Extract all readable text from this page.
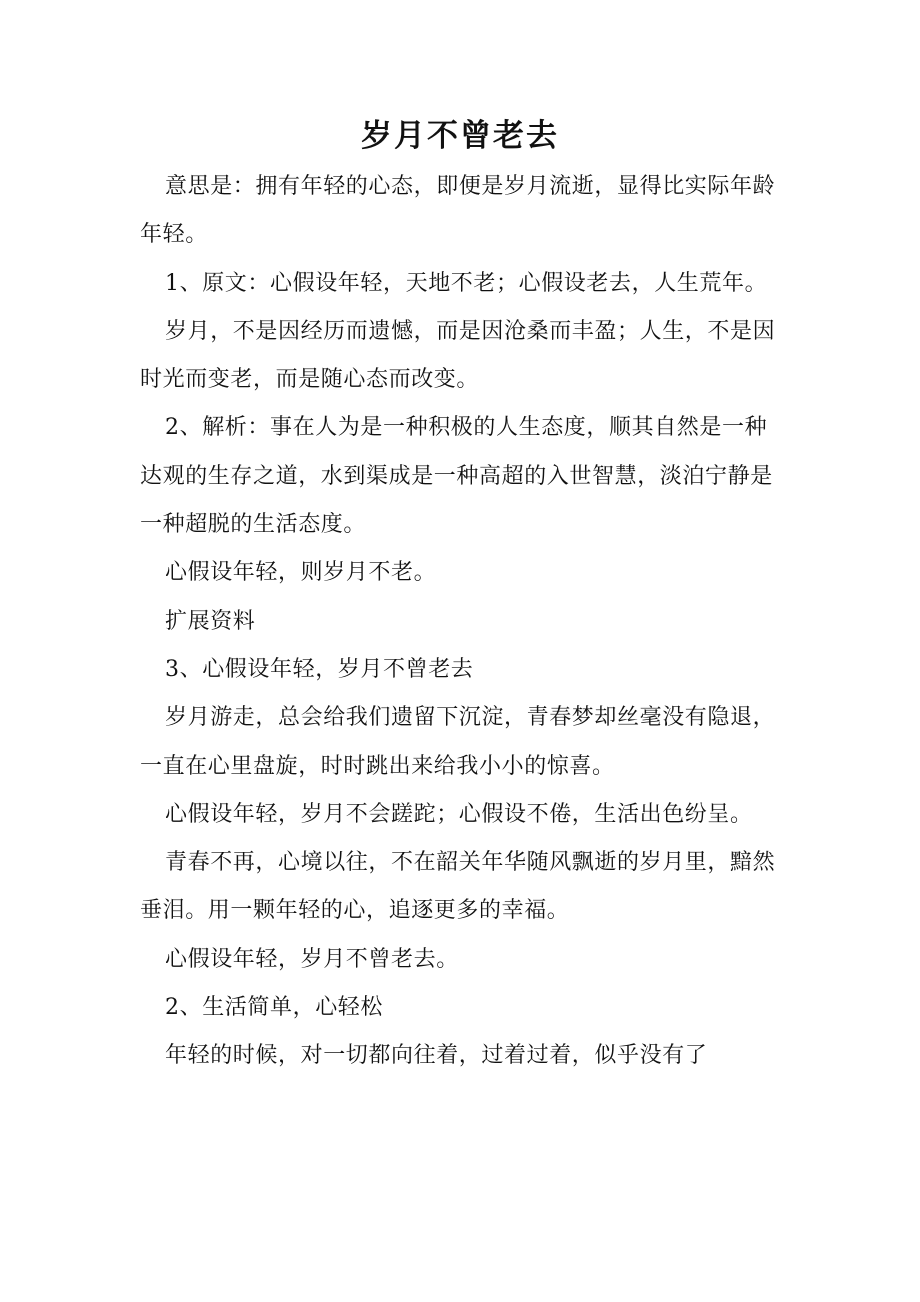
岁月不曾老去

意思是：拥有年轻的心态，即便是岁月流逝，显得比实际年龄年轻。

1、原文：心假设年轻，天地不老；心假设老去，人生荒年。

岁月，不是因经历而遗憾，而是因沧桑而丰盈；人生，不是因时光而变老，而是随心态而改变。

2、解析：事在人为是一种积极的人生态度，顺其自然是一种达观的生存之道，水到渠成是一种高超的入世智慧，淡泊宁静是一种超脱的生活态度。

心假设年轻，则岁月不老。

扩展资料

3、心假设年轻，岁月不曾老去

岁月游走，总会给我们遗留下沉淀，青春梦却丝毫没有隐退，一直在心里盘旋，时时跳出来给我小小的惊喜。

心假设年轻，岁月不会蹉跎；心假设不倦，生活出色纷呈。

青春不再，心境以往，不在韶关年华随风飘逝的岁月里，黯然垂泪。用一颗年轻的心，追逐更多的幸福。

心假设年轻，岁月不曾老去。

2、生活简单，心轻松

年轻的时候，对一切都向往着，过着过着，似乎没有了
